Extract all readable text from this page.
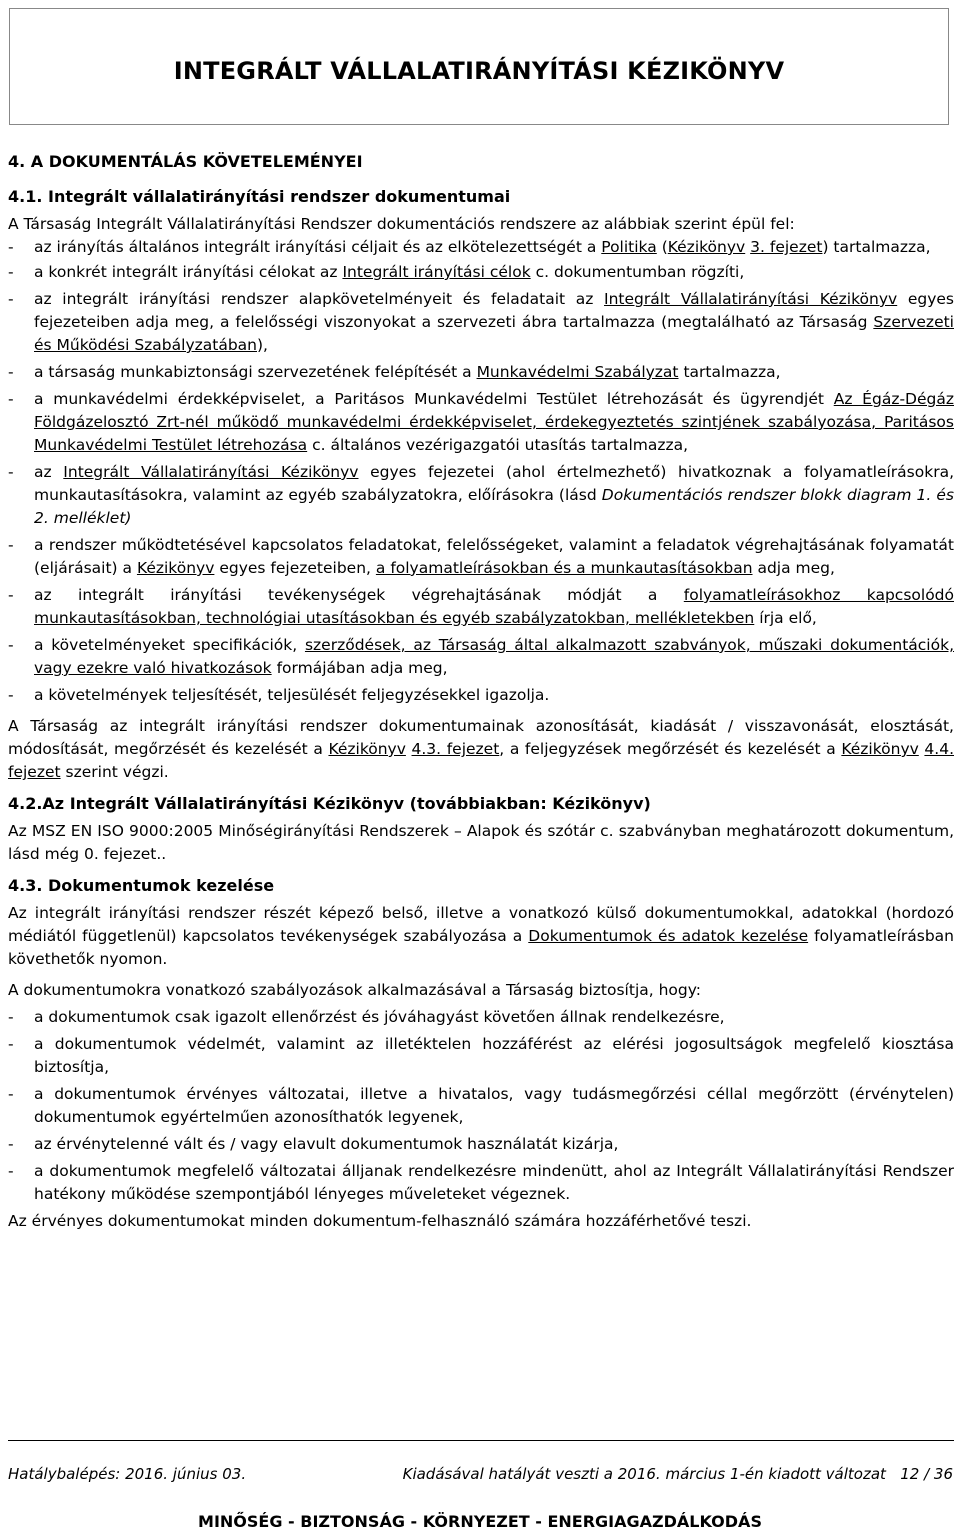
INTEGRÁLT VÁLLALATIRÁNYÍTÁSI KÉZIKÖNYV
4. A DOKUMENTÁLÁS KÖVETELEMÉNYEI
4.1. Integrált vállalatirányítási rendszer dokumentumai

A Társaság Integrált Vállalatirányítási Rendszer dokumentációs rendszere az alábbiak szerint épül fel:

- az irányítás általános integrált irányítási céljait és az elkötelezettségét a Politika (Kézikönyv 3. fejezet) tartalmazza,
- a konkrét integrált irányítási célokat az Integrált irányítási célok c. dokumentumban rögzíti,
- az integrált irányítási rendszer alapkövetelményeit és feladatait az Integrált Vállalatirányítási Kézikönyv egyes fejezeteiben adja meg, a felelősségi viszonyokat a szervezeti ábra tartalmazza (megtalálható az Társaság Szervezeti és Működési Szabályzatában),
- a társaság munkabiztonsági szervezetének felépítését a Munkavédelmi Szabályzat tartalmazza,
- a munkavédelmi érdekképviselet, a Paritásos Munkavédelmi Testület létrehozását és ügyrendjét Az Égáz-Dégáz Földgázelosztó Zrt-nél működő munkavédelmi érdekképviselet, érdekegyeztetés szintjének szabályozása, Paritásos Munkavédelmi Testület létrehozása c. általános vezérigazgatói utasítás tartalmazza,
- az Integrált Vállalatirányítási Kézikönyv egyes fejezetei (ahol értelmezhető) hivatkoznak a folyamatleírásokra, munkautasításokra, valamint az egyéb szabályzatokra, előírásokra (lásd Dokumentációs rendszer blokk diagram 1. és 2. melléklet)
- a rendszer működtetésével kapcsolatos feladatokat, felelősségeket, valamint a feladatok végrehajtásának folyamatát (eljárásait) a Kézikönyv egyes fejezeteiben, a folyamatleírásokban és a munkautasításokban adja meg,
- az integrált irányítási tevékenységek végrehajtásának módját a folyamatleírásokhoz kapcsolódó munkautasításokban, technológiai utasításokban és egyéb szabályzatokban, mellékletekben írja elő,
- a követelményeket specifikációk, szerződések, az Társaság által alkalmazott szabványok, műszaki dokumentációk, vagy ezekre való hivatkozások formájában adja meg,
- a követelmények teljesítését, teljesülését feljegyzésekkel igazolja.

A Társaság az integrált irányítási rendszer dokumentumainak azonosítását, kiadását / visszavonását, elosztását, módosítását, megőrzését és kezelését a Kézikönyv 4.3. fejezet, a feljegyzések megőrzését és kezelését a Kézikönyv 4.4. fejezet szerint végzi.

4.2.Az Integrált Vállalatirányítási Kézikönyv (továbbiakban: Kézikönyv)

Az MSZ EN ISO 9000:2005 Minőségirányítási Rendszerek – Alapok és szótár c. szabványban meghatározott dokumentum, lásd még 0. fejezet..

4.3. Dokumentumok kezelése

Az integrált irányítási rendszer részét képező belső, illetve a vonatkozó külső dokumentumokkal, adatokkal (hordozó médiától függetlenül) kapcsolatos tevékenységek szabályozása a Dokumentumok és adatok kezelése folyamatleírásban követhetők nyomon.

A dokumentumokra vonatkozó szabályozások alkalmazásával a Társaság biztosítja, hogy:

- a dokumentumok csak igazolt ellenőrzést és jóváhagyást követően állnak rendelkezésre,
- a dokumentumok védelmét, valamint az illetéktelen hozzáférést az elérési jogosultságok megfelelő kiosztása biztosítja,
- a dokumentumok érvényes változatai, illetve a hivatalos, vagy tudásmegőrzési céllal megőrzött (érvénytelen) dokumentumok egyértelműen azonosíthatók legyenek,
- az érvénytelenné vált és / vagy elavult dokumentumok használatát kizárja,
- a dokumentumok megfelelő változatai álljanak rendelkezésre mindenütt, ahol az Integrált Vállalatirányítási Rendszer hatékony működése szempontjából lényeges műveleteket végeznek.

Az érvényes dokumentumokat minden dokumentum-felhasználó számára hozzáférhetővé teszi.

Hatálybalépés: 2016. június 03.	Kiadásával hatályát veszti a 2016. március 1-én kiadott változat 12 / 36
MINŐSÉG - BIZTONSÁG - KÖRNYEZET - ENERGIAGAZDÁLKODÁS
